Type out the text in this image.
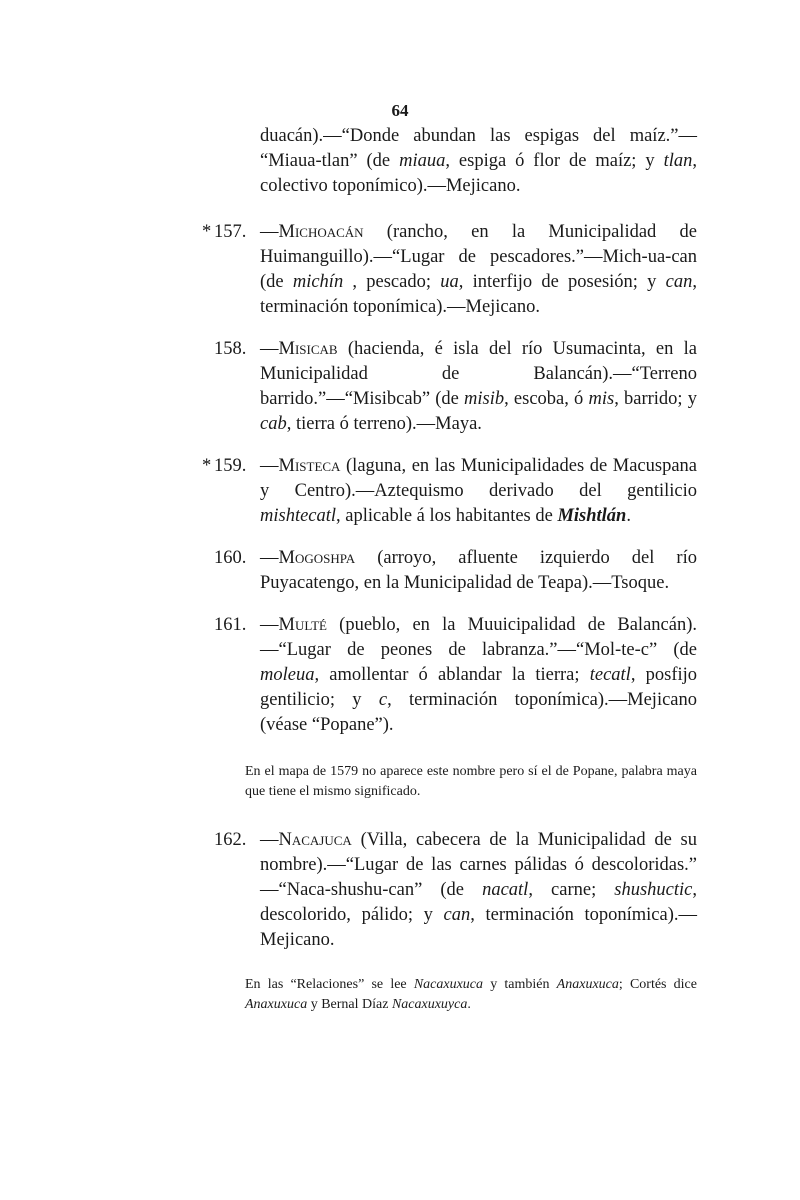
64

duacán).—“Donde abundan las espigas del maíz.”— “Miaua-tlan” (de miaua, espiga ó flor de maíz; y tlan, colectivo toponímico).—Mejicano.

* 157. —Michoacán (rancho, en la Municipalidad de Huimanguillo).—“Lugar de pescadores.”—Mich-ua-can (de michín , pescado; ua, interfijo de posesión; y can, terminación toponímica).—Mejicano.

158. —Misicab (hacienda, é isla del río Usumacinta, en la Municipalidad de Balancán).—“Terreno barrido.”—“Misibcab” (de misib, escoba, ó mis, barrido; y cab, tierra ó terreno).—Maya.

* 159. —Misteca (laguna, en las Municipalidades de Macuspana y Centro).—Aztequismo derivado del gentilicio mishtecatl, aplicable á los habitantes de Mishtlán.

160. —Mogoshpa (arroyo, afluente izquierdo del río Puyacatengo, en la Municipalidad de Teapa).—Tsoque.

161. —Multé (pueblo, en la Muuicipalidad de Balancán).—“Lugar de peones de labranza.”—“Mol-te-c” (de moleua, amollentar ó ablandar la tierra; tecatl, posfijo gentilicio; y c, terminación toponímica).—Mejicano (véase “Popane”).

En el mapa de 1579 no aparece este nombre pero sí el de Popane, palabra maya que tiene el mismo significado.

162. —Nacajuca (Villa, cabecera de la Municipalidad de su nombre).—“Lugar de las carnes pálidas ó descoloridas.” —“Naca-shushu-can” (de nacatl, carne; shushuctic, descolorido, pálido; y can, terminación toponímica).—Mejicano.

En las “Relaciones” se lee Nacaxuxuca y también Anaxuxuca; Cortés dice Anaxuxuca y Bernal Díaz Nacaxuxuyca.
